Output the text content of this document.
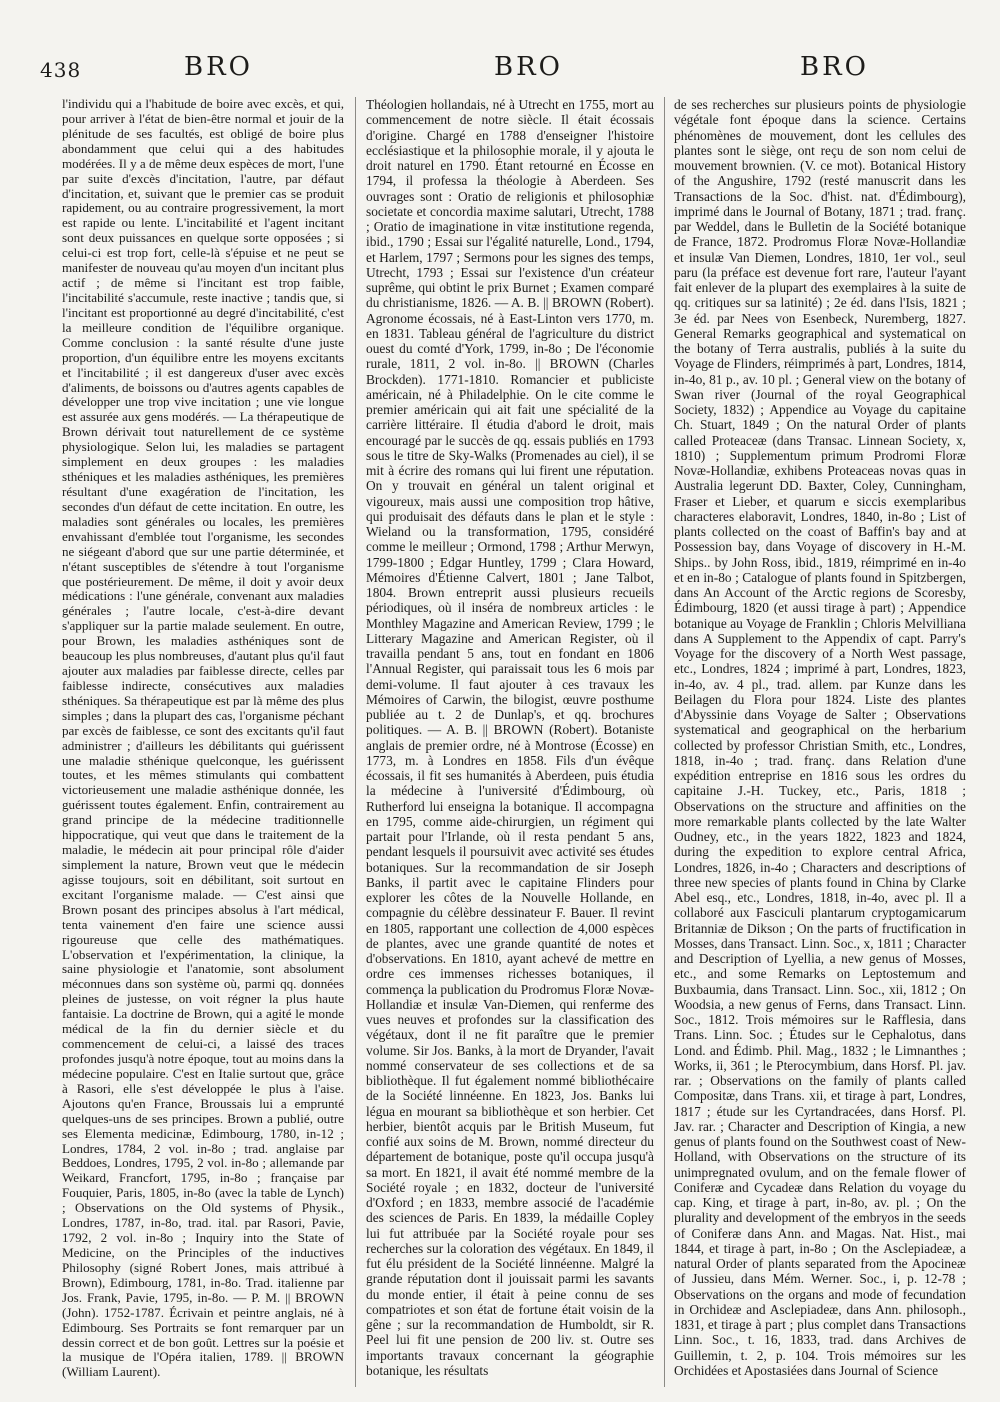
438	BRO	BRO	BRO
l'individu qui a l'habitude de boire avec excès, et qui, pour arriver à l'état de bien-être normal et jouir de la plénitude de ses facultés, est obligé de boire plus abondamment que celui qui a des habitudes modérées. Il y a de même deux espèces de mort, l'une par suite d'excès d'incitation, l'autre, par défaut d'incitation, et, suivant que le premier cas se produit rapidement, ou au contraire progressivement, la mort est rapide ou lente. L'incitabilité et l'agent incitant sont deux puissances en quelque sorte opposées ; si celui-ci est trop fort, celle-là s'épuise et ne peut se manifester de nouveau qu'au moyen d'un incitant plus actif ; de même si l'incitant est trop faible, l'incitabilité s'accumule, reste inactive ; tandis que, si l'incitant est proportionné au degré d'incitabilité, c'est la meilleure condition de l'équilibre organique. Comme conclusion : la santé résulte d'une juste proportion, d'un équilibre entre les moyens excitants et l'incitabilité ; il est dangereux d'user avec excès d'aliments, de boissons ou d'autres agents capables de développer une trop vive incitation ; une vie longue est assurée aux gens modérés. — La thérapeutique de Brown dérivait tout naturellement de ce système physiologique. Selon lui, les maladies se partagent simplement en deux groupes : les maladies sthéniques et les maladies asthéniques, les premières résultant d'une exagération de l'incitation, les secondes d'un défaut de cette incitation. En outre, les maladies sont générales ou locales, les premières envahissant d'emblée tout l'organisme, les secondes ne siégeant d'abord que sur une partie déterminée, et n'étant susceptibles de s'étendre à tout l'organisme que postérieurement. De même, il doit y avoir deux médications : l'une générale, convenant aux maladies générales ; l'autre locale, c'est-à-dire devant s'appliquer sur la partie malade seulement. En outre, pour Brown, les maladies asthéniques sont de beaucoup les plus nombreuses, d'autant plus qu'il faut ajouter aux maladies par faiblesse directe, celles par faiblesse indirecte, consécutives aux maladies sthéniques. Sa thérapeutique est par là même des plus simples ; dans la plupart des cas, l'organisme péchant par excès de faiblesse, ce sont des excitants qu'il faut administrer ; d'ailleurs les débilitants qui guérissent une maladie sthénique quelconque, les guérissent toutes, et les mêmes stimulants qui combattent victorieusement une maladie asthénique donnée, les guérissent toutes également. Enfin, contrairement au grand principe de la médecine traditionnelle hippocratique, qui veut que dans le traitement de la maladie, le médecin ait pour principal rôle d'aider simplement la nature, Brown veut que le médecin agisse toujours, soit en débilitant, soit surtout en excitant l'organisme malade. — C'est ainsi que Brown posant des principes absolus à l'art médical, tenta vainement d'en faire une science aussi rigoureuse que celle des mathématiques. L'observation et l'expérimentation, la clinique, la saine physiologie et l'anatomie, sont absolument méconnues dans son système où, parmi qq. données pleines de justesse, on voit régner la plus haute fantaisie. La doctrine de Brown, qui a agité le monde médical de la fin du dernier siècle et du commencement de celui-ci, a laissé des traces profondes jusqu'à notre époque, tout au moins dans la médecine populaire. C'est en Italie surtout que, grâce à Rasori, elle s'est développée le plus à l'aise. Ajoutons qu'en France, Broussais lui a emprunté quelques-uns de ses principes. Brown a publié, outre ses Elementa medicinæ, Edimbourg, 1780, in-12 ; Londres, 1784, 2 vol. in-8o ; trad. anglaise par Beddoes, Londres, 1795, 2 vol. in-8o ; allemande par Weikard, Francfort, 1795, in-8o ; française par Fouquier, Paris, 1805, in-8o (avec la table de Lynch) ; Observations on the Old systems of Physik., Londres, 1787, in-8o, trad. ital. par Rasori, Pavie, 1792, 2 vol. in-8o ; Inquiry into the State of Medicine, on the Principles of the inductives Philosophy (signé Robert Jones, mais attribué à Brown), Edimbourg, 1781, in-8o. Trad. italienne par Jos. Frank, Pavie, 1795, in-8o. — P. M. || BROWN (John). 1752-1787. Écrivain et peintre anglais, né à Edimbourg. Ses Portraits se font remarquer par un dessin correct et de bon goût. Lettres sur la poésie et la musique de l'Opéra italien, 1789. || BROWN (William Laurent).
Théologien hollandais, né à Utrecht en 1755, mort au commencement de notre siècle. Il était écossais d'origine. Chargé en 1788 d'enseigner l'histoire ecclésiastique et la philosophie morale, il y ajouta le droit naturel en 1790. Étant retourné en Écosse en 1794, il professa la théologie à Aberdeen. Ses ouvrages sont : Oratio de religionis et philosophiæ societate et concordia maxime salutari, Utrecht, 1788 ; Oratio de imaginatione in vitæ institutione regenda, ibid., 1790 ; Essai sur l'égalité naturelle, Lond., 1794, et Harlem, 1797 ; Sermons pour les signes des temps, Utrecht, 1793 ; Essai sur l'existence d'un créateur suprême, qui obtint le prix Burnet ; Examen comparé du christianisme, 1826. — A. B. || BROWN (Robert). Agronome écossais, né à East-Linton vers 1770, m. en 1831. Tableau général de l'agriculture du district ouest du comté d'York, 1799, in-8o ; De l'économie rurale, 1811, 2 vol. in-8o. || BROWN (Charles Brockden). 1771-1810. Romancier et publiciste américain, né à Philadelphie. On le cite comme le premier américain qui ait fait une spécialité de la carrière littéraire. Il étudia d'abord le droit, mais encouragé par le succès de qq. essais publiés en 1793 sous le titre de Sky-Walks (Promenades au ciel), il se mit à écrire des romans qui lui firent une réputation. On y trouvait en général un talent original et vigoureux, mais aussi une composition trop hâtive, qui produisait des défauts dans le plan et le style : Wieland ou la transformation, 1795, considéré comme le meilleur ; Ormond, 1798 ; Arthur Merwyn, 1799-1800 ; Edgar Huntley, 1799 ; Clara Howard, Mémoires d'Étienne Calvert, 1801 ; Jane Talbot, 1804. Brown entreprit aussi plusieurs recueils périodiques, où il inséra de nombreux articles : le Monthley Magazine and American Review, 1799 ; le Litterary Magazine and American Register, où il travailla pendant 5 ans, tout en fondant en 1806 l'Annual Register, qui paraissait tous les 6 mois par demi-volume. Il faut ajouter à ces travaux les Mémoires of Carwin, the bilogist, œuvre posthume publiée au t. 2 de Dunlap's, et qq. brochures politiques. — A. B. || BROWN (Robert). Botaniste anglais de premier ordre, né à Montrose (Écosse) en 1773, m. à Londres en 1858. Fils d'un évêque écossais, il fit ses humanités à Aberdeen, puis étudia la médecine à l'université d'Édimbourg, où Rutherford lui enseigna la botanique. Il accompagna en 1795, comme aide-chirurgien, un régiment qui partait pour l'Irlande, où il resta pendant 5 ans, pendant lesquels il poursuivit avec activité ses études botaniques. Sur la recommandation de sir Joseph Banks, il partit avec le capitaine Flinders pour explorer les côtes de la Nouvelle Hollande, en compagnie du célèbre dessinateur F. Bauer. Il revint en 1805, rapportant une collection de 4,000 espèces de plantes, avec une grande quantité de notes et d'observations. En 1810, ayant achevé de mettre en ordre ces immenses richesses botaniques, il commença la publication du Prodromus Floræ Novæ-Hollandiæ et insulæ Van-Diemen, qui renferme des vues neuves et profondes sur la classification des végétaux, dont il ne fit paraître que le premier volume. Sir Jos. Banks, à la mort de Dryander, l'avait nommé conservateur de ses collections et de sa bibliothèque. Il fut également nommé bibliothécaire de la Société linnéenne. En 1823, Jos. Banks lui légua en mourant sa bibliothèque et son herbier. Cet herbier, bientôt acquis par le British Museum, fut confié aux soins de M. Brown, nommé directeur du département de botanique, poste qu'il occupa jusqu'à sa mort. En 1821, il avait été nommé membre de la Société royale ; en 1832, docteur de l'université d'Oxford ; en 1833, membre associé de l'académie des sciences de Paris. En 1839, la médaille Copley lui fut attribuée par la Société royale pour ses recherches sur la coloration des végétaux. En 1849, il fut élu président de la Société linnéenne. Malgré la grande réputation dont il jouissait parmi les savants du monde entier, il était à peine connu de ses compatriotes et son état de fortune était voisin de la gêne ; sur la recommandation de Humboldt, sir R. Peel lui fit une pension de 200 liv. st. Outre ses importants travaux concernant la géographie botanique, les résultats
de ses recherches sur plusieurs points de physiologie végétale font époque dans la science. Certains phénomènes de mouvement, dont les cellules des plantes sont le siège, ont reçu de son nom celui de mouvement brownien. (V. ce mot). Botanical History of the Angushire, 1792 (resté manuscrit dans les Transactions de la Soc. d'hist. nat. d'Édimbourg), imprimé dans le Journal of Botany, 1871 ; trad. franç. par Weddel, dans le Bulletin de la Société botanique de France, 1872. Prodromus Floræ Novæ-Hollandiæ et insulæ Van Diemen, Londres, 1810, 1er vol., seul paru (la préface est devenue fort rare, l'auteur l'ayant fait enlever de la plupart des exemplaires à la suite de qq. critiques sur sa latinité) ; 2e éd. dans l'Isis, 1821 ; 3e éd. par Nees von Esenbeck, Nuremberg, 1827. General Remarks geographical and systematical on the botany of Terra australis, publiés à la suite du Voyage de Flinders, réimprimés à part, Londres, 1814, in-4o, 81 p., av. 10 pl. ; General view on the botany of Swan river (Journal of the royal Geographical Society, 1832) ; Appendice au Voyage du capitaine Ch. Stuart, 1849 ; On the natural Order of plants called Proteaceæ (dans Transac. Linnean Society, x, 1810) ; Supplementum primum Prodromi Floræ Novæ-Hollandiæ, exhibens Proteaceas novas quas in Australia legerunt DD. Baxter, Coley, Cunningham, Fraser et Lieber, et quarum e siccis exemplaribus characteres elaboravit, Londres, 1840, in-8o ; List of plants collected on the coast of Baffin's bay and at Possession bay, dans Voyage of discovery in H.-M. Ships.. by John Ross, ibid., 1819, réimprimé en in-4o et en in-8o ; Catalogue of plants found in Spitzbergen, dans An Account of the Arctic regions de Scoresby, Édimbourg, 1820 (et aussi tirage à part) ; Appendice botanique au Voyage de Franklin ; Chloris Melvilliana dans A Supplement to the Appendix of capt. Parry's Voyage for the discovery of a North West passage, etc., Londres, 1824 ; imprimé à part, Londres, 1823, in-4o, av. 4 pl., trad. allem. par Kunze dans les Beilagen du Flora pour 1824. Liste des plantes d'Abyssinie dans Voyage de Salter ; Observations systematical and geographical on the herbarium collected by professor Christian Smith, etc., Londres, 1818, in-4o ; trad. franç. dans Relation d'une expédition entreprise en 1816 sous les ordres du capitaine J.-H. Tuckey, etc., Paris, 1818 ; Observations on the structure and affinities on the more remarkable plants collected by the late Walter Oudney, etc., in the years 1822, 1823 and 1824, during the expedition to explore central Africa, Londres, 1826, in-4o ; Characters and descriptions of three new species of plants found in China by Clarke Abel esq., etc., Londres, 1818, in-4o, avec pl. Il a collaboré aux Fasciculi plantarum cryptogamicarum Britanniæ de Dikson ; On the parts of fructification in Mosses, dans Transact. Linn. Soc., x, 1811 ; Character and Description of Lyellia, a new genus of Mosses, etc., and some Remarks on Leptostemum and Buxbaumia, dans Transact. Linn. Soc., xii, 1812 ; On Woodsia, a new genus of Ferns, dans Transact. Linn. Soc., 1812. Trois mémoires sur le Rafflesia, dans Trans. Linn. Soc. ; Études sur le Cephalotus, dans Lond. and Édimb. Phil. Mag., 1832 ; le Limnanthes ; Works, ii, 361 ; le Pterocymbium, dans Horsf. Pl. jav. rar. ; Observations on the family of plants called Compositæ, dans Trans. xii, et tirage à part, Londres, 1817 ; étude sur les Cyrtandracées, dans Horsf. Pl. Jav. rar. ; Character and Description of Kingia, a new genus of plants found on the Southwest coast of New-Holland, with Observations on the structure of its unimpregnated ovulum, and on the female flower of Coniferæ and Cycadeæ dans Relation du voyage du cap. King, et tirage à part, in-8o, av. pl. ; On the plurality and development of the embryos in the seeds of Coniferæ dans Ann. and Magas. Nat. Hist., mai 1844, et tirage à part, in-8o ; On the Asclepiadeæ, a natural Order of plants separated from the Apocineæ of Jussieu, dans Mém. Werner. Soc., i, p. 12-78 ; Observations on the organs and mode of fecundation in Orchideæ and Asclepiadeæ, dans Ann. philosoph., 1831, et tirage à part ; plus complet dans Transactions Linn. Soc., t. 16, 1833, trad. dans Archives de Guillemin, t. 2, p. 104. Trois mémoires sur les Orchidées et Apostasiées dans Journal of Science
